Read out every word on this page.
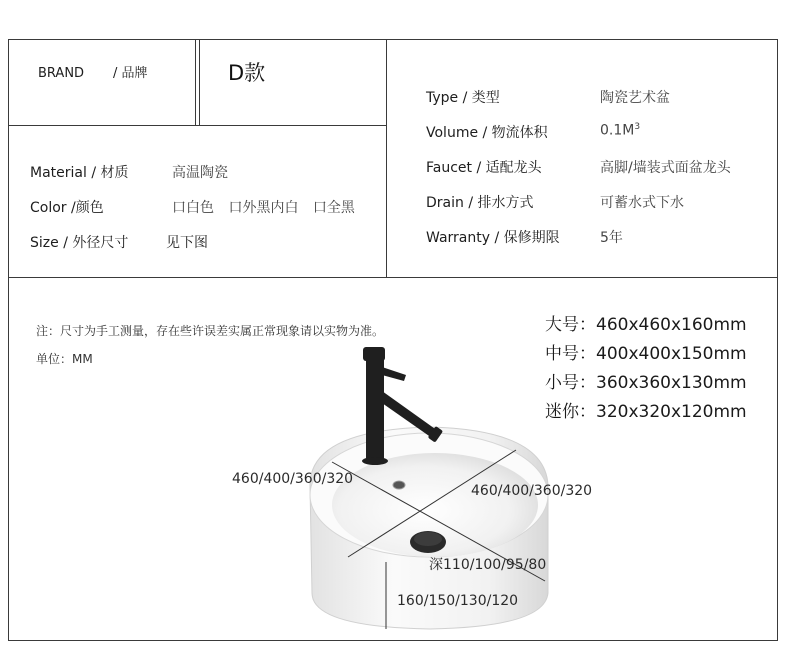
BRAND / 品牌	D款
Material / 材质	高温陶瓷
Color /颜色	口白色 口外黑内白 口全黑
Size / 外径尺寸	见下图
Type / 类型	陶瓷艺术盆
Volume / 物流体积	$0.1M^3$
Faucet / 适配龙头	高脚/墙装式面盆龙头
Drain / 排水方式	可蓄水式下水
Warranty / 保修期限	5年
注：尺寸为手工测量，存在些许误差实属正常现象请以实物为准。
单位：MM
大号：460x460x160mm
中号：400x400x150mm
小号：360x360x130mm
迷你：320x320x120mm
460/400/360/320
460/400/360/320
深110/100/95/80
160/150/130/120
